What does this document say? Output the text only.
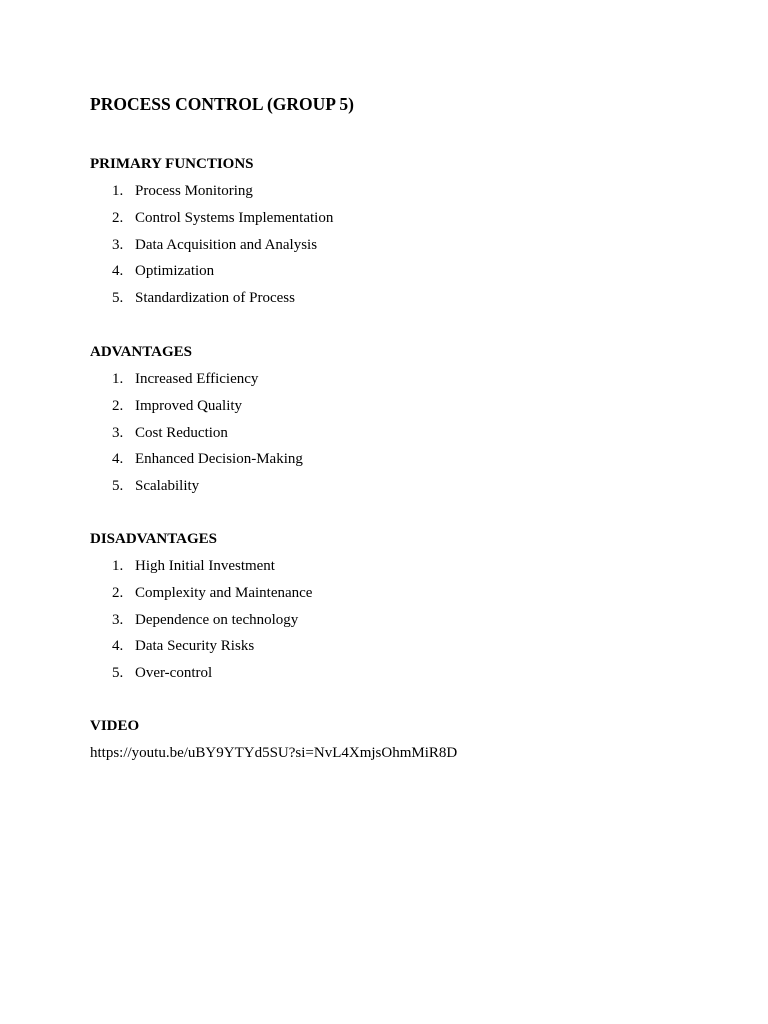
PROCESS CONTROL (GROUP 5)
PRIMARY FUNCTIONS
1. Process Monitoring
2. Control Systems Implementation
3. Data Acquisition and Analysis
4. Optimization
5. Standardization of Process
ADVANTAGES
1. Increased Efficiency
2. Improved Quality
3. Cost Reduction
4. Enhanced Decision-Making
5. Scalability
DISADVANTAGES
1. High Initial Investment
2. Complexity and Maintenance
3. Dependence on technology
4. Data Security Risks
5. Over-control
VIDEO
https://youtu.be/uBY9YTYd5SU?si=NvL4XmjsOhmMiR8D
